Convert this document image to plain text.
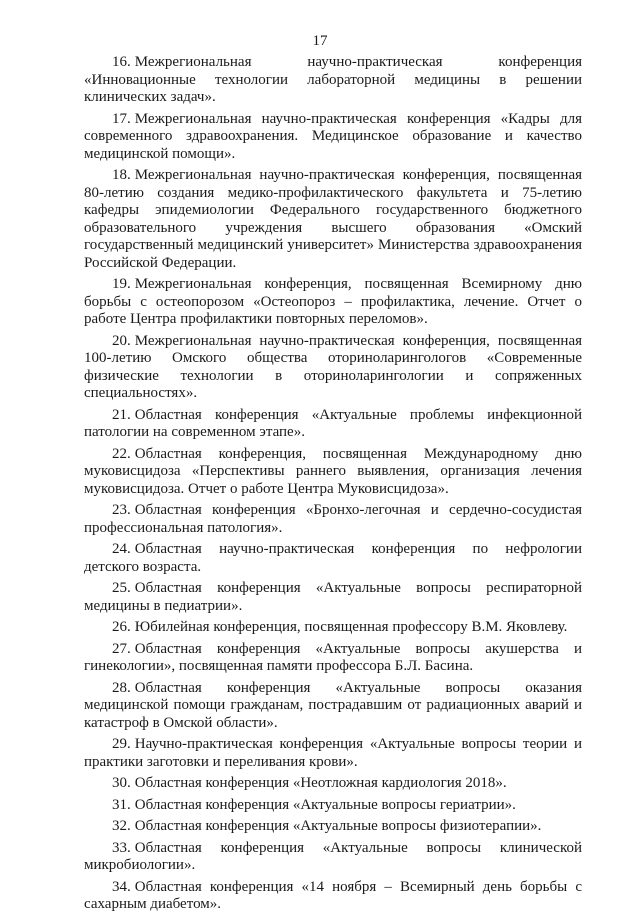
17

16. Межрегиональная научно-практическая конференция «Инновационные технологии лабораторной медицины в решении клинических задач».

17. Межрегиональная научно-практическая конференция «Кадры для современного здравоохранения. Медицинское образование и качество медицинской помощи».

18. Межрегиональная научно-практическая конференция, посвященная 80-летию создания медико-профилактического факультета и 75-летию кафедры эпидемиологии Федерального государственного бюджетного образовательного учреждения высшего образования «Омский государственный медицинский университет» Министерства здравоохранения Российской Федерации.

19. Межрегиональная конференция, посвященная Всемирному дню борьбы с остеопорозом «Остеопороз – профилактика, лечение. Отчет о работе Центра профилактики повторных переломов».

20. Межрегиональная научно-практическая конференция, посвященная 100-летию Омского общества оториноларингологов «Современные физические технологии в оториноларингологии и сопряженных специальностях».

21. Областная конференция «Актуальные проблемы инфекционной патологии на современном этапе».

22. Областная конференция, посвященная Международному дню муковисцидоза «Перспективы раннего выявления, организация лечения муковисцидоза. Отчет о работе Центра Муковисцидоза».

23. Областная конференция «Бронхо-легочная и сердечно-сосудистая профессиональная патология».

24. Областная научно-практическая конференция по нефрологии детского возраста.

25. Областная конференция «Актуальные вопросы респираторной медицины в педиатрии».

26. Юбилейная конференция, посвященная профессору В.М. Яковлеву.

27. Областная конференция «Актуальные вопросы акушерства и гинекологии», посвященная памяти профессора Б.Л. Басина.

28. Областная конференция «Актуальные вопросы оказания медицинской помощи гражданам, пострадавшим от радиационных аварий и катастроф в Омской области».

29. Научно-практическая конференция «Актуальные вопросы теории и практики заготовки и переливания крови».

30. Областная конференция «Неотложная кардиология 2018».

31. Областная конференция «Актуальные вопросы гериатрии».

32. Областная конференция «Актуальные вопросы физиотерапии».

33. Областная конференция «Актуальные вопросы клинической микробиологии».

34. Областная конференция «14 ноября – Всемирный день борьбы с сахарным диабетом».
